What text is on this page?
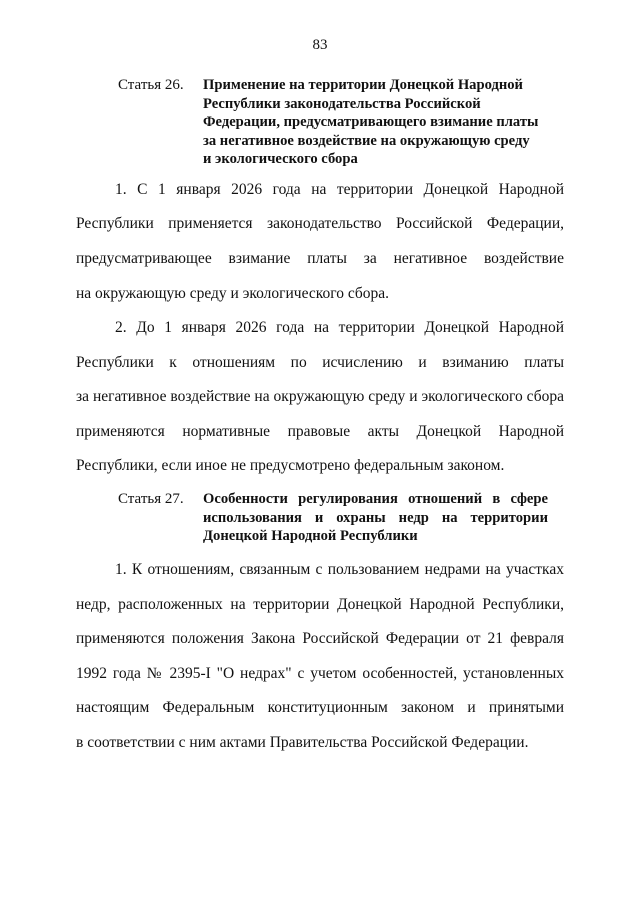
83
Статья 26. Применение на территории Донецкой Народной
Республики законодательства Российской
Федерации, предусматривающего взимание платы
за негативное воздействие на окружающую среду
и экологического сбора
1. С 1 января 2026 года на территории Донецкой Народной
Республики применяется законодательство Российской Федерации,
предусматривающее взимание платы за негативное воздействие
на окружающую среду и экологического сбора.
2. До 1 января 2026 года на территории Донецкой Народной
Республики к отношениям по исчислению и взиманию платы
за негативное воздействие на окружающую среду и экологического сбора
применяются нормативные правовые акты Донецкой Народной
Республики, если иное не предусмотрено федеральным законом.
Статья 27. Особенности регулирования отношений в сфере
использования и охраны недр на территории
Донецкой Народной Республики
1. К отношениям, связанным с пользованием недрами на участках
недр, расположенных на территории Донецкой Народной Республики,
применяются положения Закона Российской Федерации от 21 февраля
1992 года № 2395-I "О недрах" с учетом особенностей, установленных
настоящим Федеральным конституционным законом и принятыми
в соответствии с ним актами Правительства Российской Федерации.
